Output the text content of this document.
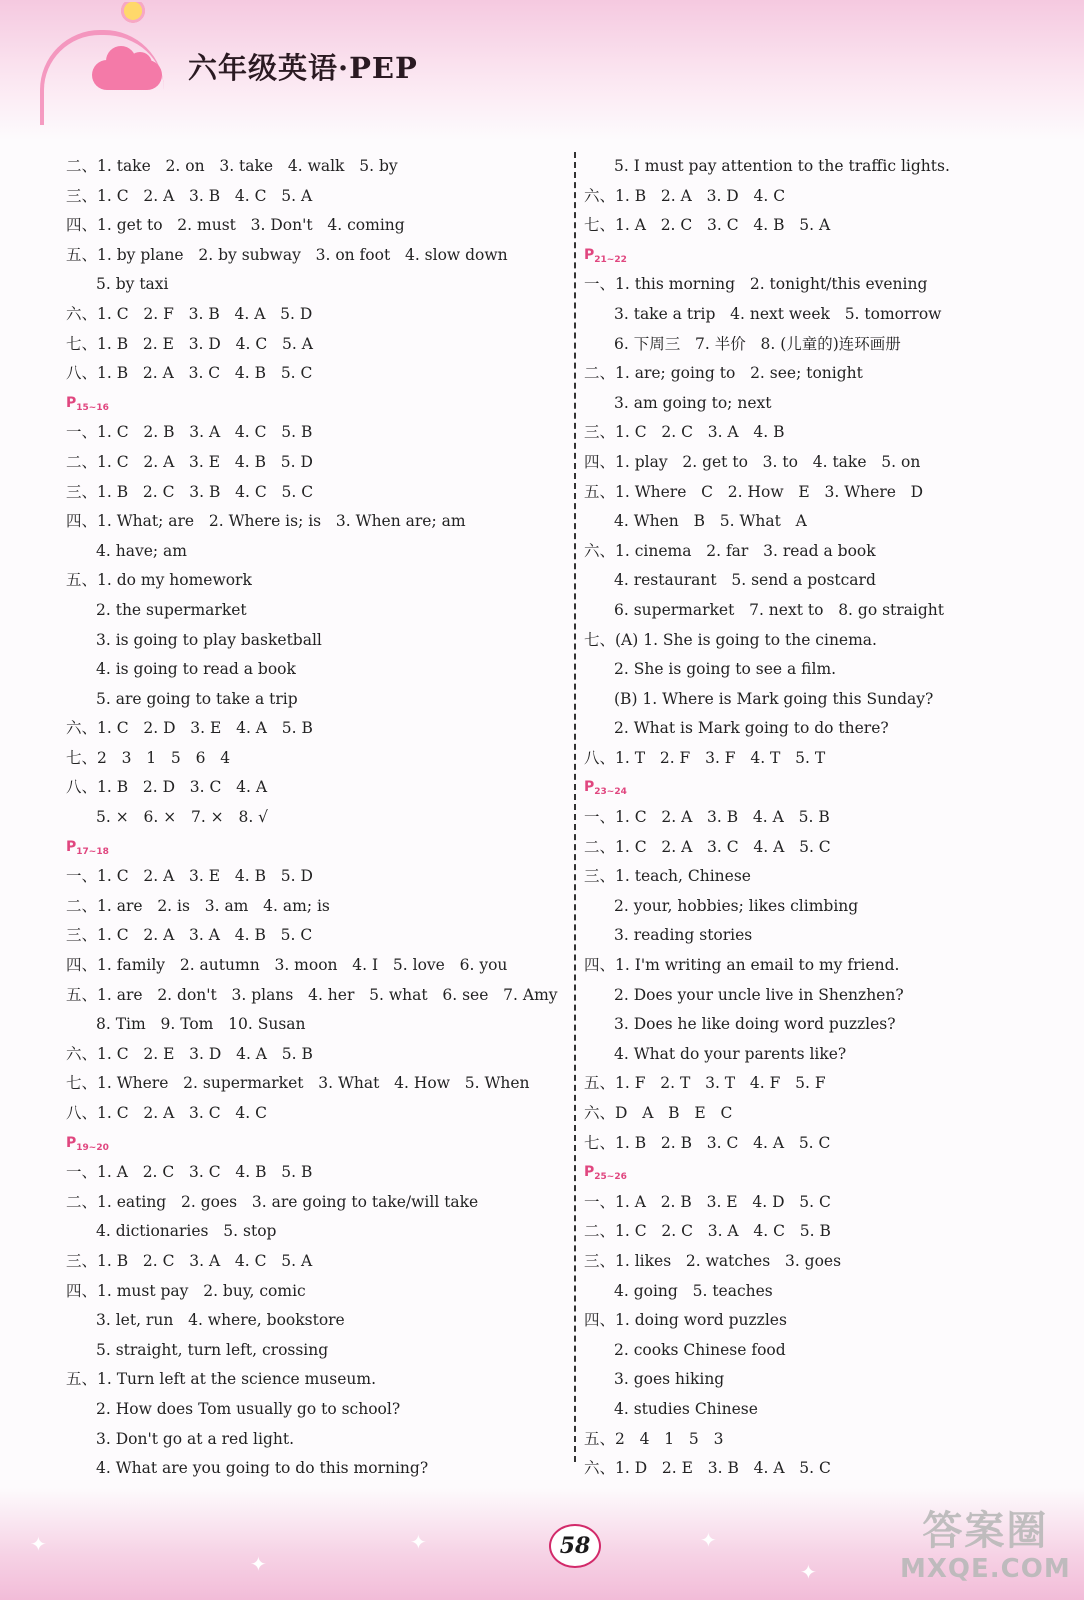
六年级英语·PEP
二、1. take   2. on   3. take   4. walk   5. by
三、1. C   2. A   3. B   4. C   5. A
四、1. get to   2. must   3. Don't   4. coming
五、1. by plane   2. by subway   3. on foot   4. slow down
5. by taxi
六、1. C   2. F   3. B   4. A   5. D
七、1. B   2. E   3. D   4. C   5. A
八、1. B   2. A   3. C   4. B   5. C
$P_{15\sim 16}$
一、1. C   2. B   3. A   4. C   5. B
二、1. C   2. A   3. E   4. B   5. D
三、1. B   2. C   3. B   4. C   5. C
四、1. What; are   2. Where is; is   3. When are; am
4. have; am
五、1. do my homework
2. the supermarket
3. is going to play basketball
4. is going to read a book
5. are going to take a trip
六、1. C   2. D   3. E   4. A   5. B
七、2   3   1   5   6   4
八、1. B   2. D   3. C   4. A
5. ×   6. ×   7. ×   8. √
$P_{17\sim 18}$
一、1. C   2. A   3. E   4. B   5. D
二、1. are   2. is   3. am   4. am; is
三、1. C   2. A   3. A   4. B   5. C
四、1. family   2. autumn   3. moon   4. I   5. love   6. you
五、1. are   2. don't   3. plans   4. her   5. what   6. see   7. Amy
8. Tim   9. Tom   10. Susan
六、1. C   2. E   3. D   4. A   5. B
七、1. Where   2. supermarket   3. What   4. How   5. When
八、1. C   2. A   3. C   4. C
$P_{19\sim 20}$
一、1. A   2. C   3. C   4. B   5. B
二、1. eating   2. goes   3. are going to take/will take
4. dictionaries   5. stop
三、1. B   2. C   3. A   4. C   5. A
四、1. must pay   2. buy, comic
3. let, run   4. where, bookstore
5. straight, turn left, crossing
五、1. Turn left at the science museum.
2. How does Tom usually go to school?
3. Don't go at a red light.
4. What are you going to do this morning?
5. I must pay attention to the traffic lights.
六、1. B   2. A   3. D   4. C
七、1. A   2. C   3. C   4. B   5. A
$P_{21\sim 22}$
一、1. this morning   2. tonight/this evening
3. take a trip   4. next week   5. tomorrow
6. 下周三   7. 半价   8. (儿童的)连环画册
二、1. are; going to   2. see; tonight
3. am going to; next
三、1. C   2. C   3. A   4. B
四、1. play   2. get to   3. to   4. take   5. on
五、1. Where   C   2. How   E   3. Where   D
4. When   B   5. What   A
六、1. cinema   2. far   3. read a book
4. restaurant   5. send a postcard
6. supermarket   7. next to   8. go straight
七、(A) 1. She is going to the cinema.
2. She is going to see a film.
(B) 1. Where is Mark going this Sunday?
2. What is Mark going to do there?
八、1. T   2. F   3. F   4. T   5. T
$P_{23\sim 24}$
一、1. C   2. A   3. B   4. A   5. B
二、1. C   2. A   3. C   4. A   5. C
三、1. teach, Chinese
2. your, hobbies; likes climbing
3. reading stories
四、1. I'm writing an email to my friend.
2. Does your uncle live in Shenzhen?
3. Does he like doing word puzzles?
4. What do your parents like?
五、1. F   2. T   3. T   4. F   5. F
六、D   A   B   E   C
七、1. B   2. B   3. C   4. A   5. C
$P_{25\sim 26}$
一、1. A   2. B   3. E   4. D   5. C
二、1. C   2. C   3. A   4. C   5. B
三、1. likes   2. watches   3. goes
4. going   5. teaches
四、1. doing word puzzles
2. cooks Chinese food
3. goes hiking
4. studies Chinese
五、2   4   1   5   3
六、1. D   2. E   3. B   4. A   5. C
✦
✦
✦	✦
✦
58	答案圈
MXQE.COM
